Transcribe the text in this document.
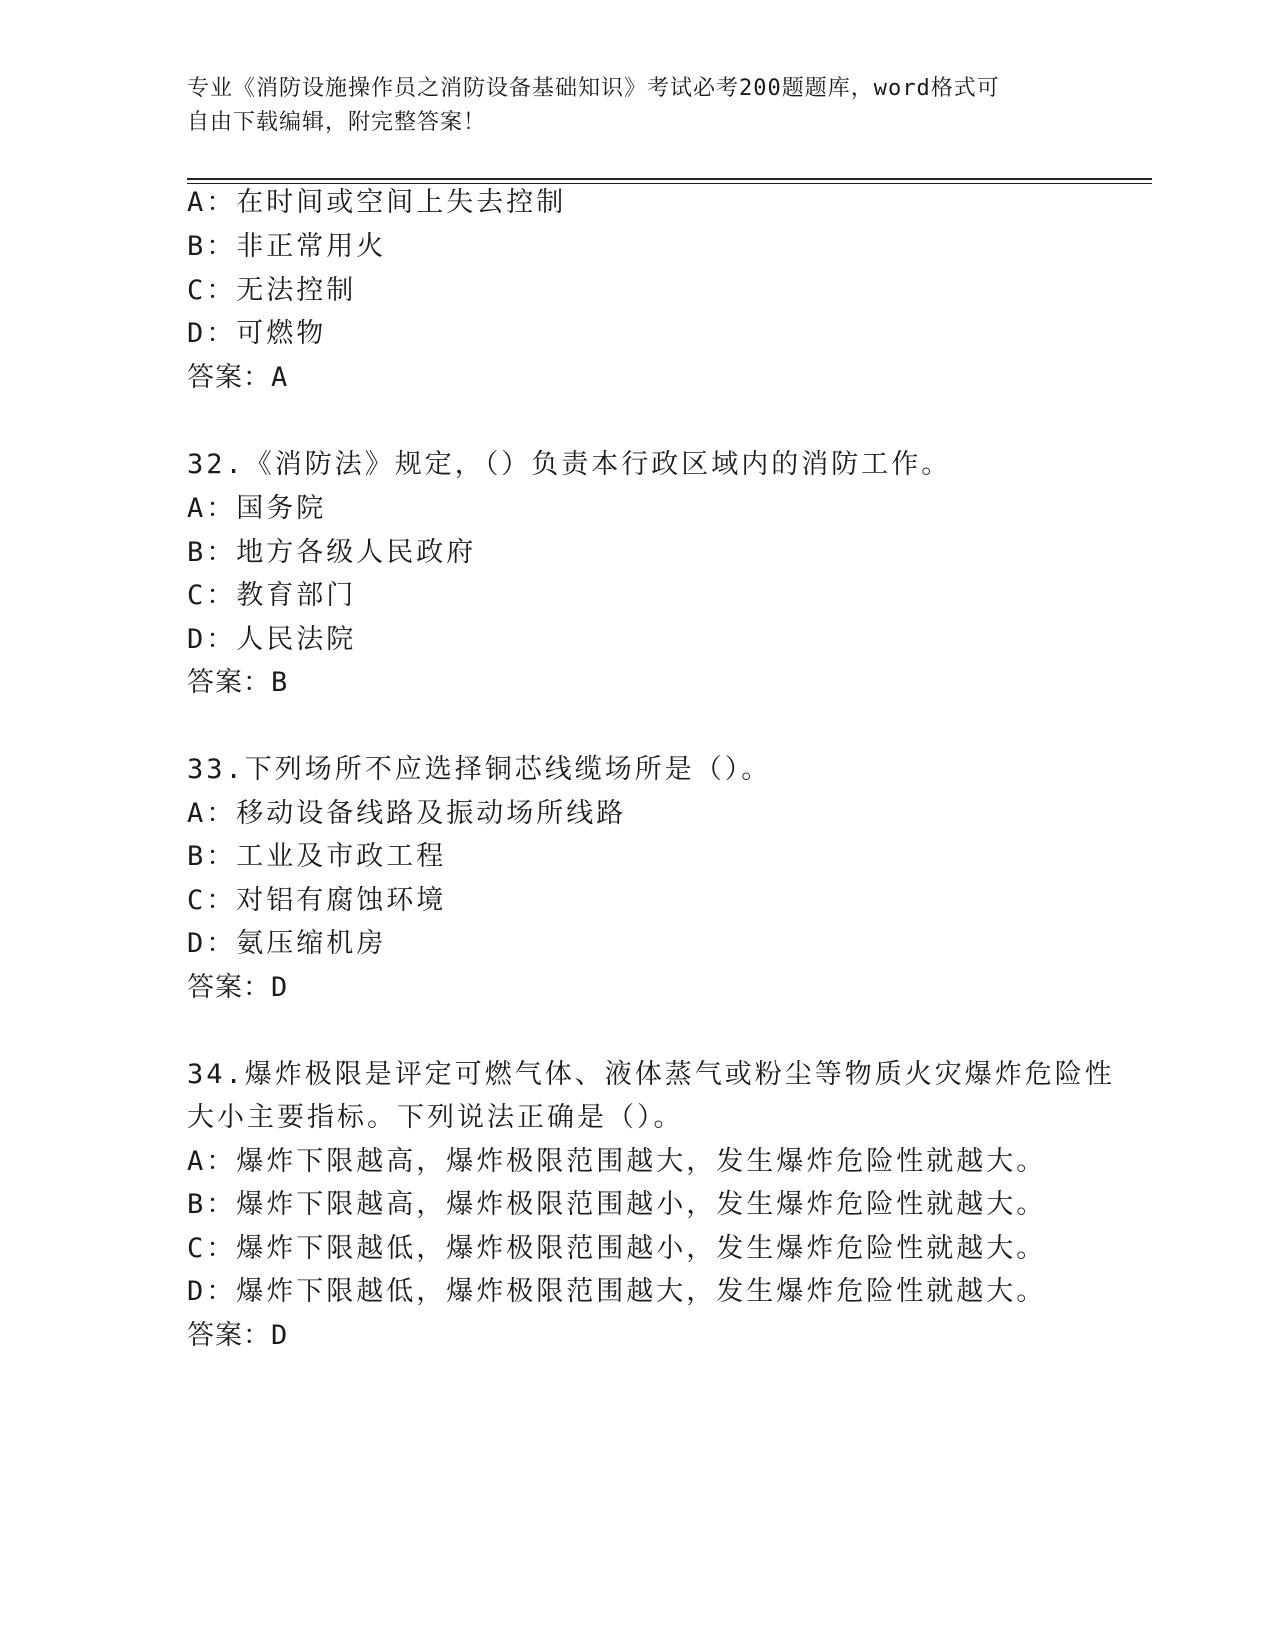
专业《消防设施操作员之消防设备基础知识》考试必考200题题库，word格式可
自由下载编辑，附完整答案！
A：在时间或空间上失去控制
B：非正常用火
C：无法控制
D：可燃物
答案：A
32.《消防法》规定，（）负责本行政区域内的消防工作。
A：国务院
B：地方各级人民政府
C：教育部门
D：人民法院
答案：B
33.下列场所不应选择铜芯线缆场所是（）。
A：移动设备线路及振动场所线路
B：工业及市政工程
C：对铝有腐蚀环境
D：氨压缩机房
答案：D
34.爆炸极限是评定可燃气体、液体蒸气或粉尘等物质火灾爆炸危险性
大小主要指标。下列说法正确是（）。
A：爆炸下限越高，爆炸极限范围越大，发生爆炸危险性就越大。
B：爆炸下限越高，爆炸极限范围越小，发生爆炸危险性就越大。
C：爆炸下限越低，爆炸极限范围越小，发生爆炸危险性就越大。
D：爆炸下限越低，爆炸极限范围越大，发生爆炸危险性就越大。
答案：D
